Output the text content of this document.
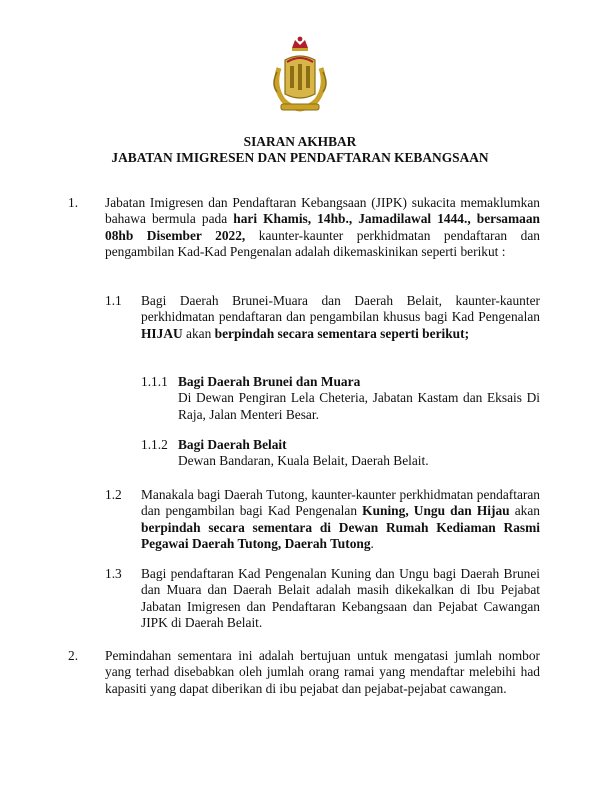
SIARAN AKHBAR
JABATAN IMIGRESEN DAN PENDAFTARAN KEBANGSAAN
1. Jabatan Imigresen dan Pendaftaran Kebangsaan (JIPK) sukacita memaklumkan bahawa bermula pada hari Khamis, 14hb., Jamadilawal 1444., bersamaan 08hb Disember 2022, kaunter-kaunter perkhidmatan pendaftaran dan pengambilan Kad-Kad Pengenalan adalah dikemaskinikan seperti berikut :
1.1 Bagi Daerah Brunei-Muara dan Daerah Belait, kaunter-kaunter perkhidmatan pendaftaran dan pengambilan khusus bagi Kad Pengenalan HIJAU akan berpindah secara sementara seperti berikut;
1.1.1 Bagi Daerah Brunei dan Muara

Di Dewan Pengiran Lela Cheteria, Jabatan Kastam dan Eksais Di Raja, Jalan Menteri Besar.

1.1.2 Bagi Daerah Belait

Dewan Bandaran, Kuala Belait, Daerah Belait.

1.2 Manakala bagi Daerah Tutong, kaunter-kaunter perkhidmatan pendaftaran dan pengambilan bagi Kad Pengenalan Kuning, Ungu dan Hijau akan berpindah secara sementara di Dewan Rumah Kediaman Rasmi Pegawai Daerah Tutong, Daerah Tutong.
1.3 Bagi pendaftaran Kad Pengenalan Kuning dan Ungu bagi Daerah Brunei dan Muara dan Daerah Belait adalah masih dikekalkan di Ibu Pejabat Jabatan Imigresen dan Pendaftaran Kebangsaan dan Pejabat Cawangan JIPK di Daerah Belait.
2. Pemindahan sementara ini adalah bertujuan untuk mengatasi jumlah nombor yang terhad disebabkan oleh jumlah orang ramai yang mendaftar melebihi had kapasiti yang dapat diberikan di ibu pejabat dan pejabat-pejabat cawangan.
